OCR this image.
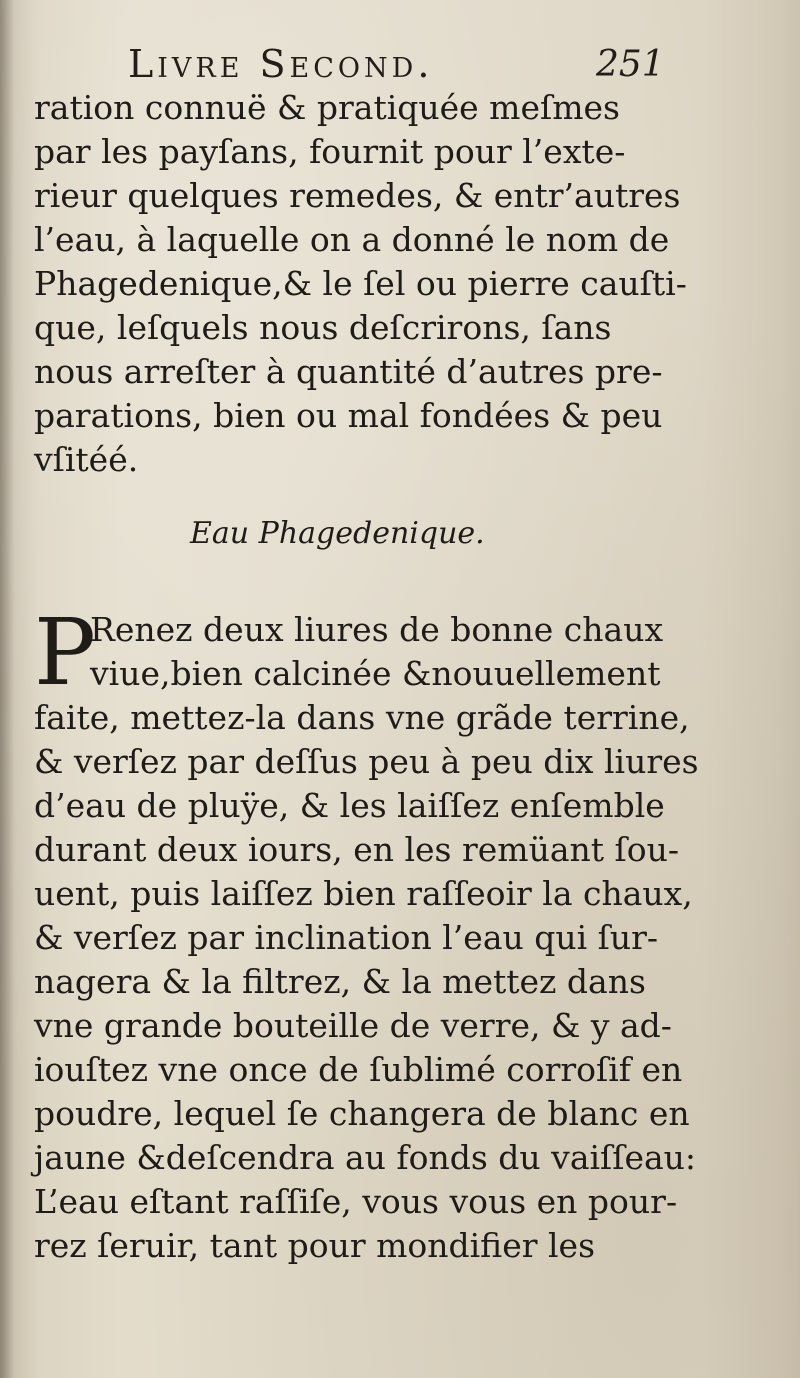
Livre Second.	251
ration connuë & pratiquée meſmes
par les payſans, fournit pour l’exte-
rieur quelques remedes, & entr’autres
l’eau, à laquelle on a donné le nom de
Phagedenique,& le ſel ou pierre cauſti-
que, leſquels nous deſcrirons, ſans
nous arreſter à quantité d’autres pre-
parations, bien ou mal fondées & peu
vſitéé.
Eau Phagedenique.
P
Renez deux liures de bonne chaux
viue,bien calcinée &nouuellement
faite, mettez-la dans vne grãde terrine,
& verſez par deſſus peu à peu dix liures
d’eau de pluÿe, & les laiſſez enſemble
durant deux iours, en les remüant ſou-
uent, puis laiſſez bien raſſeoir la chaux,
& verſez par inclination l’eau qui ſur-
nagera & la filtrez, & la mettez dans
vne grande bouteille de verre, & y ad-
iouſtez vne once de ſublimé corroſif en
poudre, lequel ſe changera de blanc en
jaune &deſcendra au fonds du vaiſſeau:
L’eau eſtant raſſiſe, vous vous en pour-
rez ſeruir, tant pour mondifier les
